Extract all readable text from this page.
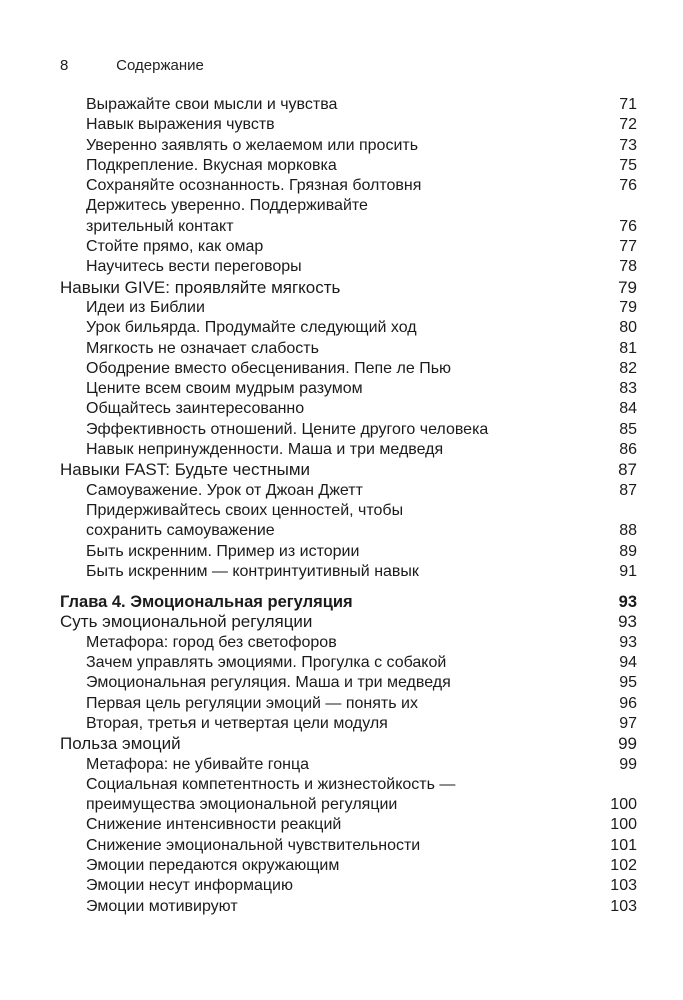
8	Содержание
Выражайте свои мысли и чувства	71
Навык выражения чувств	72
Уверенно заявлять о желаемом или просить	73
Подкрепление. Вкусная морковка	75
Сохраняйте осознанность. Грязная болтовня	76
Держитесь уверенно. Поддерживайте
зрительный контакт	76
Стойте прямо, как омар	77
Научитесь вести переговоры	78
Навыки GIVE: проявляйте мягкость	79
Идеи из Библии	79
Урок бильярда. Продумайте следующий ход	80
Мягкость не означает слабость	81
Ободрение вместо обесценивания. Пепе ле Пью	82
Цените всем своим мудрым разумом	83
Общайтесь заинтересованно	84
Эффективность отношений. Цените другого человека	85
Навык непринужденности. Маша и три медведя	86
Навыки FAST: Будьте честными	87
Самоуважение. Урок от Джоан Джетт	87
Придерживайтесь своих ценностей, чтобы
сохранить самоуважение	88
Быть искренним. Пример из истории	89
Быть искренним — контринтуитивный навык	91
Глава 4. Эмоциональная регуляция	93
Суть эмоциональной регуляции	93
Метафора: город без светофоров	93
Зачем управлять эмоциями. Прогулка с собакой	94
Эмоциональная регуляция. Маша и три медведя	95
Первая цель регуляции эмоций — понять их	96
Вторая, третья и четвертая цели модуля	97
Польза эмоций	99
Метафора: не убивайте гонца	99
Социальная компетентность и жизнестойкость —
преимущества эмоциональной регуляции	100
Снижение интенсивности реакций	100
Снижение эмоциональной чувствительности	101
Эмоции передаются окружающим	102
Эмоции несут информацию	103
Эмоции мотивируют	103
